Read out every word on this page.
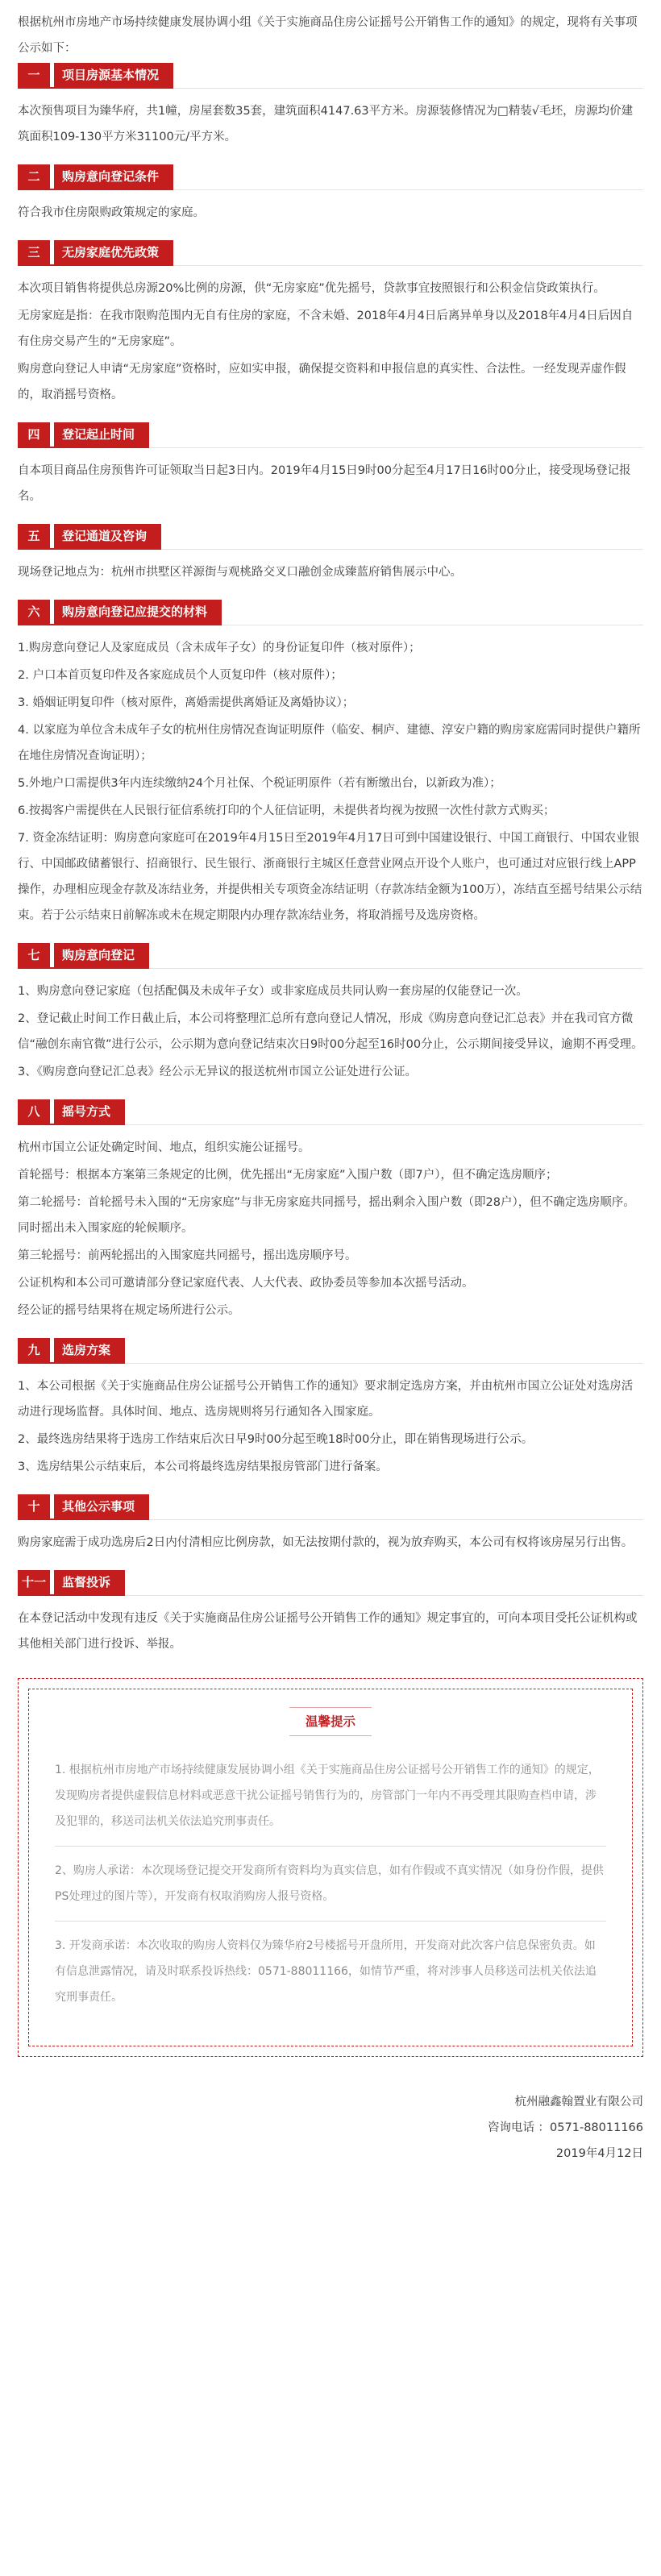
根据杭州市房地产市场持续健康发展协调小组《关于实施商品住房公证摇号公开销售工作的通知》的规定，现将有关事项公示如下：
一	项目房源基本情况
本次预售项目为臻华府，共1幢，房屋套数35套，建筑面积4147.63平方米。房源装修情况为□精装√毛坯，房源均价建筑面积109-130平方米31100元/平方米。
二	购房意向登记条件
符合我市住房限购政策规定的家庭。
三	无房家庭优先政策
本次项目销售将提供总房源20%比例的房源，供“无房家庭”优先摇号，贷款事宜按照银行和公积金信贷政策执行。
无房家庭是指：在我市限购范围内无自有住房的家庭，不含未婚、2018年4月4日后离异单身以及2018年4月4日后因自有住房交易产生的“无房家庭”。
购房意向登记人申请“无房家庭”资格时，应如实申报，确保提交资料和申报信息的真实性、合法性。一经发现弄虚作假的，取消摇号资格。
四	登记起止时间
自本项目商品住房预售许可证领取当日起3日内。2019年4月15日9时00分起至4月17日16时00分止，接受现场登记报名。
五	登记通道及咨询
现场登记地点为：杭州市拱墅区祥源街与观桃路交叉口融创金成臻蓝府销售展示中心。
六	购房意向登记应提交的材料
1.购房意向登记人及家庭成员（含未成年子女）的身份证复印件（核对原件）；
2. 户口本首页复印件及各家庭成员个人页复印件（核对原件）；
3. 婚姻证明复印件（核对原件，离婚需提供离婚证及离婚协议）；
4. 以家庭为单位含未成年子女的杭州住房情况查询证明原件（临安、桐庐、建德、淳安户籍的购房家庭需同时提供户籍所在地住房情况查询证明）；
5.外地户口需提供3年内连续缴纳24个月社保、个税证明原件（若有断缴出台，以新政为准）；
6.按揭客户需提供在人民银行征信系统打印的个人征信证明，未提供者均视为按照一次性付款方式购买；
7. 资金冻结证明：购房意向家庭可在2019年4月15日至2019年4月17日可到中国建设银行、中国工商银行、中国农业银行、中国邮政储蓄银行、招商银行、民生银行、浙商银行主城区任意营业网点开设个人账户，也可通过对应银行线上APP操作，办理相应现金存款及冻结业务，并提供相关专项资金冻结证明（存款冻结金额为100万），冻结直至摇号结果公示结束。若于公示结束日前解冻或未在规定期限内办理存款冻结业务，将取消摇号及选房资格。
七	购房意向登记
1、购房意向登记家庭（包括配偶及未成年子女）或非家庭成员共同认购一套房屋的仅能登记一次。
2、登记截止时间工作日截止后，本公司将整理汇总所有意向登记人情况，形成《购房意向登记汇总表》并在我司官方微信“融创东南官微”进行公示，公示期为意向登记结束次日9时00分起至16时00分止，公示期间接受异议，逾期不再受理。
3、《购房意向登记汇总表》经公示无异议的报送杭州市国立公证处进行公证。
八	摇号方式
杭州市国立公证处确定时间、地点，组织实施公证摇号。
首轮摇号：根据本方案第三条规定的比例，优先摇出“无房家庭”入围户数（即7户），但不确定选房顺序；
第二轮摇号：首轮摇号未入围的“无房家庭”与非无房家庭共同摇号，摇出剩余入围户数（即28户），但不确定选房顺序。同时摇出未入围家庭的轮候顺序。
第三轮摇号：前两轮摇出的入围家庭共同摇号，摇出选房顺序号。
公证机构和本公司可邀请部分登记家庭代表、人大代表、政协委员等参加本次摇号活动。
经公证的摇号结果将在规定场所进行公示。
九	选房方案
1、本公司根据《关于实施商品住房公证摇号公开销售工作的通知》要求制定选房方案，并由杭州市国立公证处对选房活动进行现场监督。具体时间、地点、选房规则将另行通知各入围家庭。
2、最终选房结果将于选房工作结束后次日早9时00分起至晚18时00分止，即在销售现场进行公示。
3、选房结果公示结束后，本公司将最终选房结果报房管部门进行备案。
十	其他公示事项
购房家庭需于成功选房后2日内付清相应比例房款，如无法按期付款的，视为放弃购买，本公司有权将该房屋另行出售。
十一	监督投诉
在本登记活动中发现有违反《关于实施商品住房公证摇号公开销售工作的通知》规定事宜的，可向本项目受托公证机构或其他相关部门进行投诉、举报。
温馨提示
1. 根据杭州市房地产市场持续健康发展协调小组《关于实施商品住房公证摇号公开销售工作的通知》的规定，发现购房者提供虚假信息材料或恶意干扰公证摇号销售行为的，房管部门一年内不再受理其限购查档申请，涉及犯罪的，移送司法机关依法追究刑事责任。
2、购房人承诺：本次现场登记提交开发商所有资料均为真实信息，如有作假或不真实情况（如身份作假，提供PS处理过的图片等），开发商有权取消购房人报号资格。
3. 开发商承诺：本次收取的购房人资料仅为臻华府2号楼摇号开盘所用，开发商对此次客户信息保密负责。如有信息泄露情况，请及时联系投诉热线：0571-88011166，如情节严重，将对涉事人员移送司法机关依法追究刑事责任。
杭州融鑫翰置业有限公司
咨询电话 ：0571-88011166
2019年4月12日
